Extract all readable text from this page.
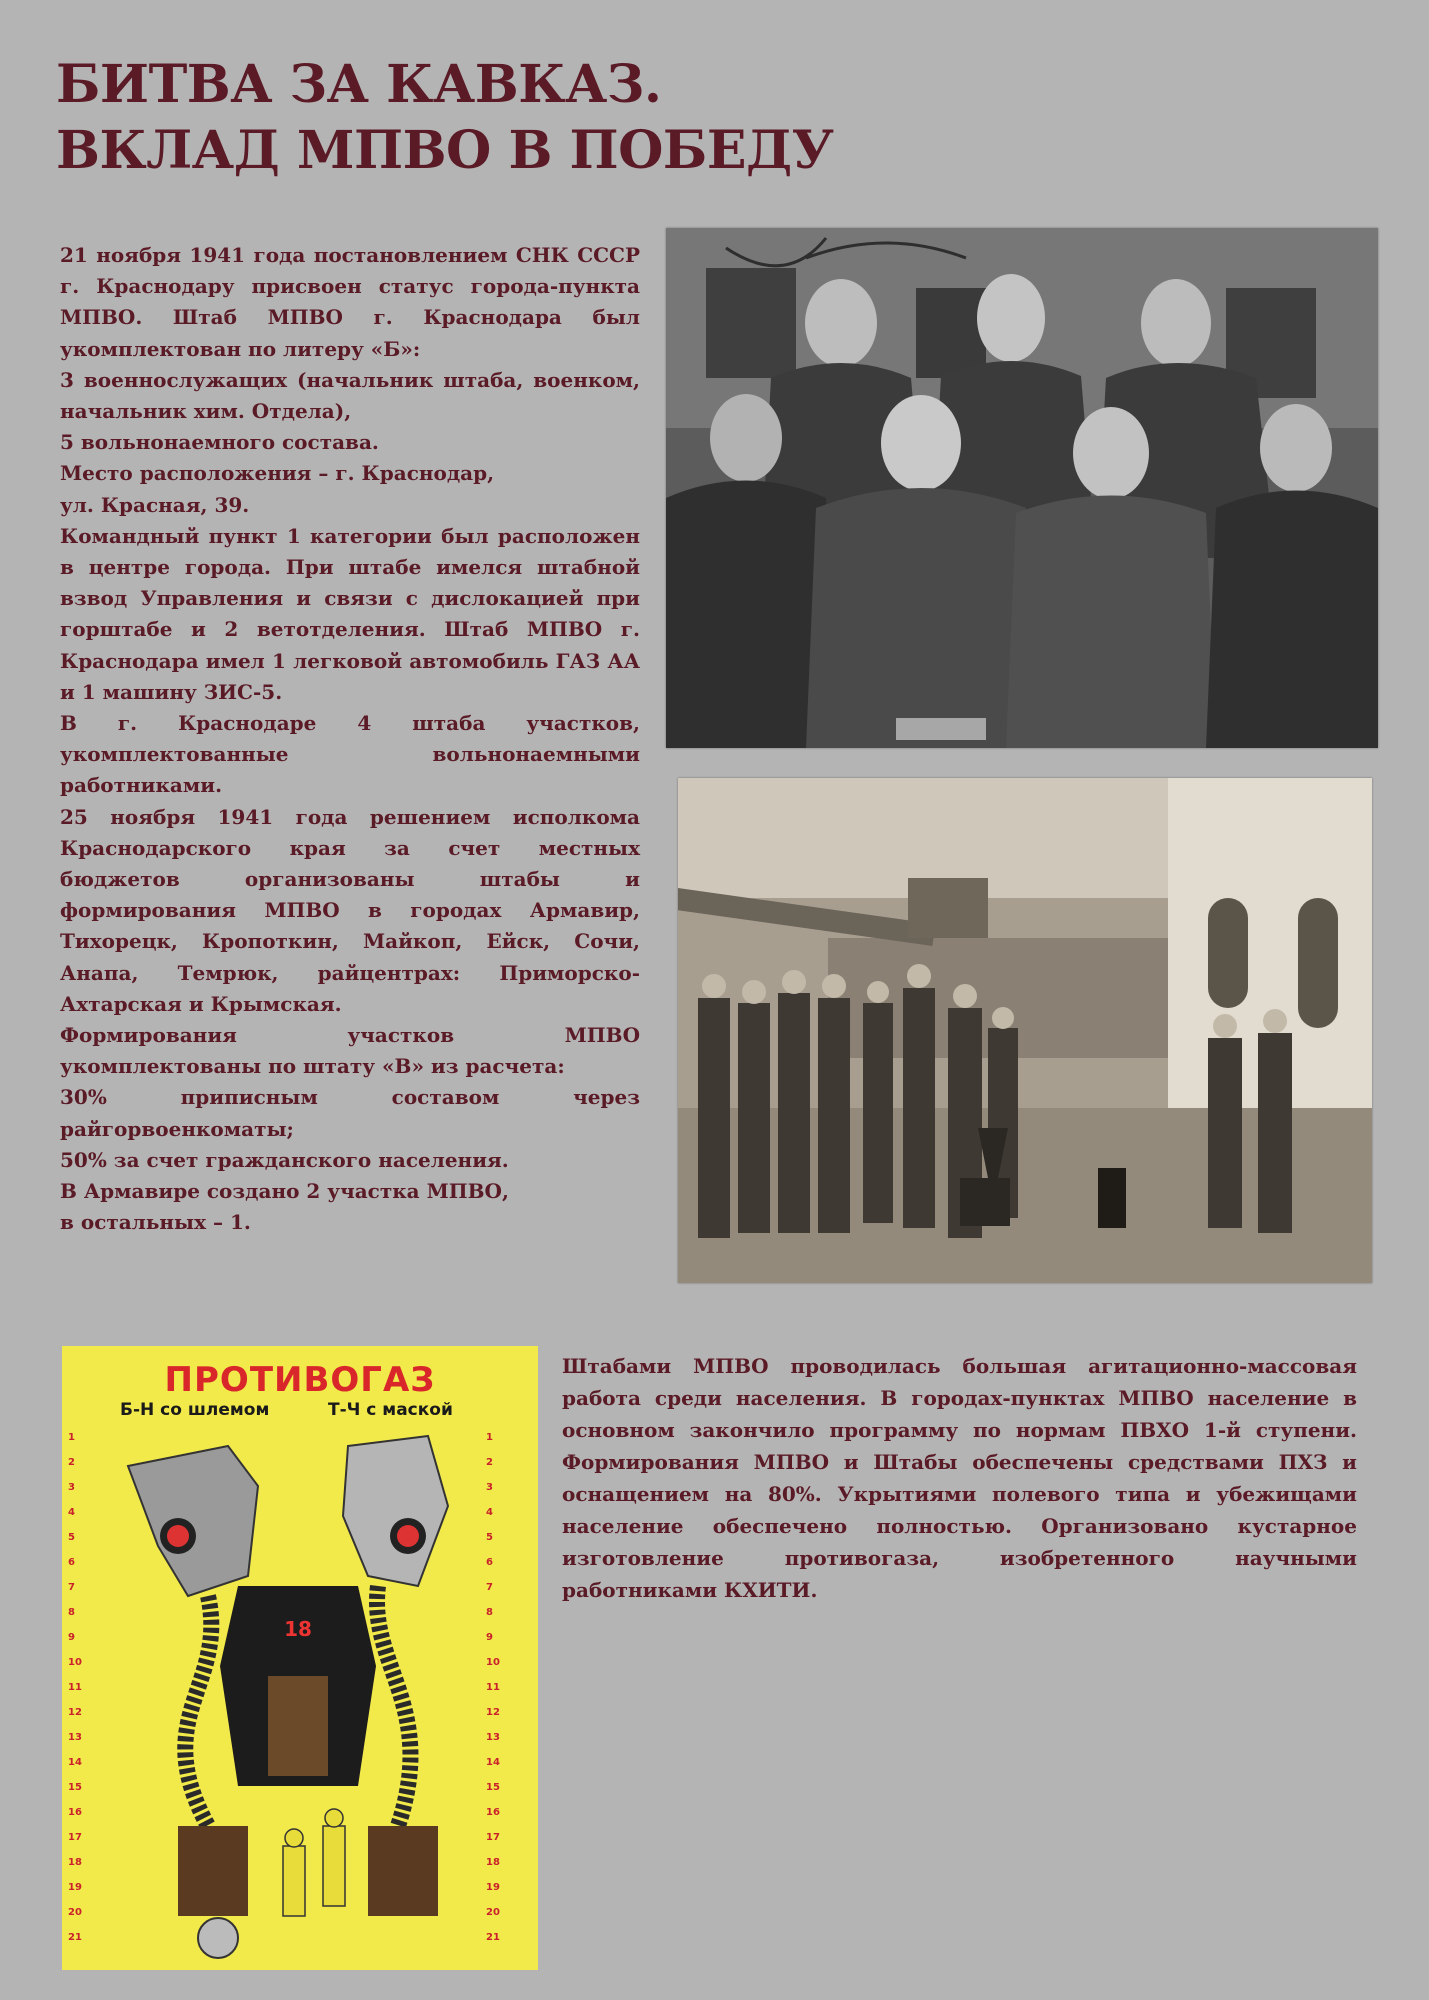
БИТВА ЗА КАВКАЗ.
ВКЛАД МПВО В ПОБЕДУ

21 ноября 1941 года постановлением СНК СССР г. Краснодару присвоен статус города-пункта МПВО. Штаб МПВО г. Краснодара был укомплектован по литеру «Б»:

3 военнослужащих (начальник штаба, военком, начальник хим. Отдела),

5 вольнонаемного состава.

Место расположения – г. Краснодар,

ул. Красная, 39.

Командный пункт 1 категории был расположен в центре города. При штабе имелся штабной взвод Управления и связи с дислокацией при горштабе и 2 ветотделения. Штаб МПВО г. Краснодара имел 1 легковой автомобиль ГАЗ АА и 1 машину ЗИС-5.

В г. Краснодаре 4 штаба участков, укомплектованные вольнонаемными работниками.

25 ноября 1941 года решением исполкома Краснодарского края за счет местных бюджетов организованы штабы и формирования МПВО в городах Армавир, Тихорецк, Кропоткин, Майкоп, Ейск, Сочи, Анапа, Темрюк, райцентрах: Приморско-Ахтарская и Крымская.

Формирования участков МПВО укомплектованы по штату «В» из расчета:

30% приписным составом через райгорвоенкоматы;

50% за счет гражданского населения.

В Армавире создано 2 участка МПВО,

в остальных – 1.

ПРОТИВОГАЗ
Б-Н со шлемом	Т-Ч с маской
1
2
3
4
5
6
7
8
9
10
11
12
13
14
15
16
17
18
19
20
21
1
2
3
4
5
6
7
8
9
10
11
12
13
14
15
16
17
18
19
20
21
18
Штабами МПВО проводилась большая агитационно-массовая работа среди населения. В городах-пунктах МПВО население в основном закончило программу по нормам ПВХО 1-й ступени. Формирования МПВО и Штабы обеспечены средствами ПХЗ и оснащением на 80%. Укрытиями полевого типа и убежищами население обеспечено полностью. Организовано кустарное изготовление противогаза, изобретенного научными работниками КХИТИ.
